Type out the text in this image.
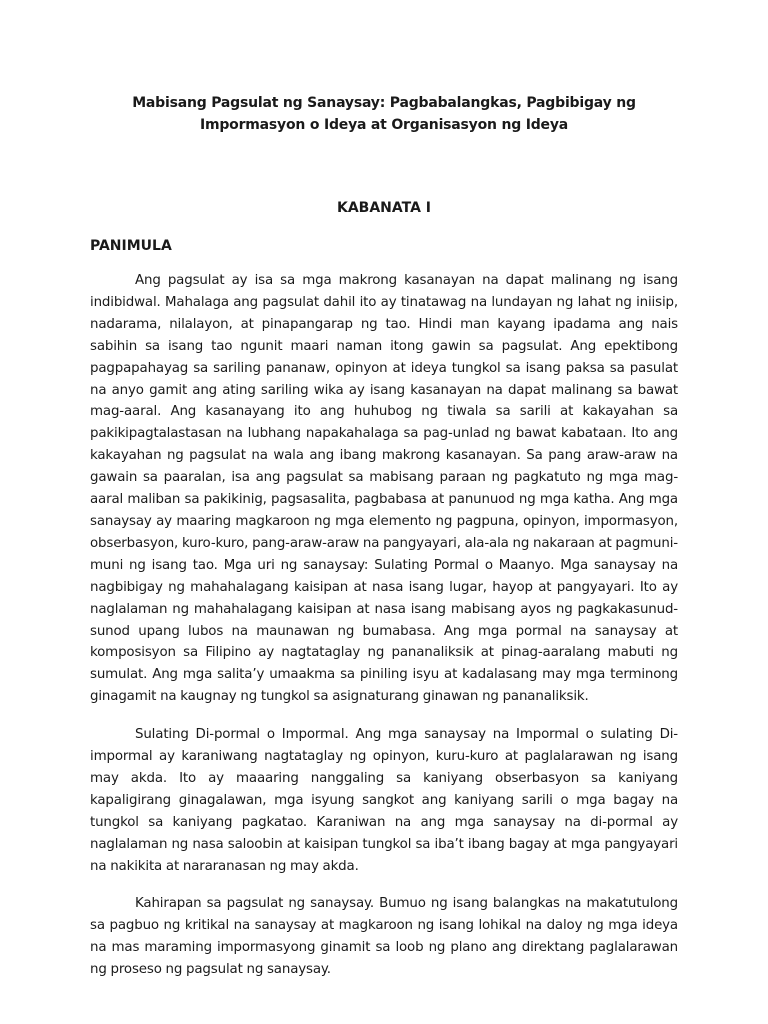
Mabisang Pagsulat ng Sanaysay: Pagbabalangkas, Pagbibigay ng Impormasyon o Ideya at Organisasyon ng Ideya
KABANATA I
PANIMULA

Ang pagsulat ay isa sa mga makrong kasanayan na dapat malinang ng isang indibidwal. Mahalaga ang pagsulat dahil ito ay tinatawag na lundayan ng lahat ng iniisip, nadarama, nilalayon, at pinapangarap ng tao. Hindi man kayang ipadama ang nais sabihin sa isang tao ngunit maari naman itong gawin sa pagsulat. Ang epektibong pagpapahayag sa sariling pananaw, opinyon at ideya tungkol sa isang paksa sa pasulat na anyo gamit ang ating sariling wika ay isang kasanayan na dapat malinang sa bawat mag-aaral. Ang kasanayang ito ang huhubog ng tiwala sa sarili at kakayahan sa pakikipagtalastasan na lubhang napakahalaga sa pag-unlad ng bawat kabataan. Ito ang kakayahan ng pagsulat na wala ang ibang makrong kasanayan. Sa pang araw-araw na gawain sa paaralan, isa ang pagsulat sa mabisang paraan ng pagkatuto ng mga mag-aaral maliban sa pakikinig, pagsasalita, pagbabasa at panunuod ng mga katha. Ang mga sanaysay ay maaring magkaroon ng mga elemento ng pagpuna, opinyon, impormasyon, obserbasyon, kuro-kuro, pang-araw-araw na pangyayari, ala-ala ng nakaraan at pagmuni-muni ng isang tao. Mga uri ng sanaysay: Sulating Pormal o Maanyo. Mga sanaysay na nagbibigay ng mahahalagang kaisipan at nasa isang lugar, hayop at pangyayari. Ito ay naglalaman ng mahahalagang kaisipan at nasa isang mabisang ayos ng pagkakasunud-sunod upang lubos na maunawan ng bumabasa. Ang mga pormal na sanaysay at komposisyon sa Filipino ay nagtataglay ng pananaliksik at pinag-aaralang mabuti ng sumulat. Ang mga salita’y umaakma sa piniling isyu at kadalasang may mga terminong ginagamit na kaugnay ng tungkol sa asignaturang ginawan ng pananaliksik.

Sulating Di-pormal o Impormal. Ang mga sanaysay na Impormal o sulating Di-impormal ay karaniwang nagtataglay ng opinyon, kuru-kuro at paglalarawan ng isang may akda. Ito ay maaaring nanggaling sa kaniyang obserbasyon sa kaniyang kapaligirang ginagalawan, mga isyung sangkot ang kaniyang sarili o mga bagay na tungkol sa kaniyang pagkatao. Karaniwan na ang mga sanaysay na di-pormal ay naglalaman ng nasa saloobin at kaisipan tungkol sa iba’t ibang bagay at mga pangyayari na nakikita at nararanasan ng may akda.

Kahirapan sa pagsulat ng sanaysay. Bumuo ng isang balangkas na makatutulong sa pagbuo ng kritikal na sanaysay at magkaroon ng isang lohikal na daloy ng mga ideya na mas maraming impormasyong ginamit sa loob ng plano ang direktang paglalarawan ng proseso ng pagsulat ng sanaysay.
